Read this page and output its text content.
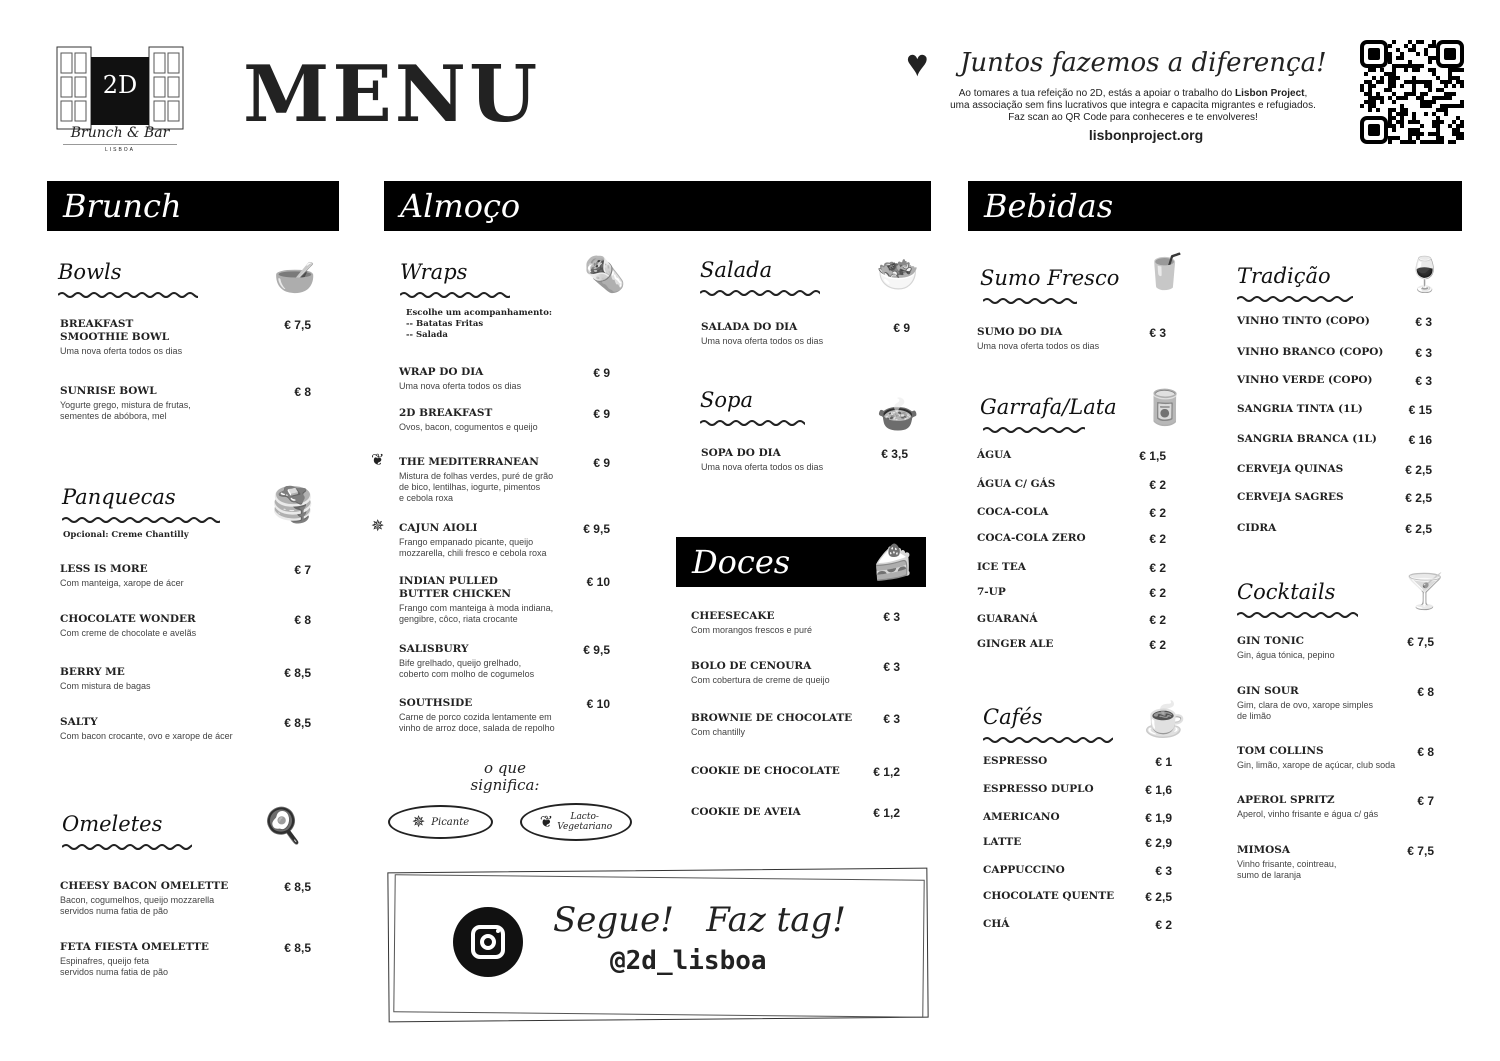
2D
Brunch & Bar
LISBOA
MENU	♥ Juntos fazemos a diferença!
Ao tomares a tua refeição no 2D, estás a apoiar o trabalho do Lisbon Project, uma associação sem fins lucrativos que integra e capacita migrantes e refugiados. Faz scan ao QR Code para conheceres e te envolveres!
lisbonproject.org
Brunch	Almoço	Bebidas
Doces
Bowls	🥣
BREAKFAST
SMOOTHIE BOWL
Uma nova oferta todos os dias
€ 7,5
SUNRISE BOWL
Yogurte grego, mistura de frutas,
sementes de abóbora, mel
€ 8
Panquecas	🥞
Opcional: Creme Chantilly
LESS IS MORE
Com manteiga, xarope de ácer
€ 7
CHOCOLATE WONDER
Com creme de chocolate e avelãs
€ 8
BERRY ME
Com mistura de bagas
€ 8,5
SALTY
Com bacon crocante, ovo e xarope de ácer
€ 8,5
Omeletes	🍳
CHEESY BACON OMELETTE
Bacon, cogumelhos, queijo mozzarella
servidos numa fatia de pão
€ 8,5
FETA FIESTA OMELETTE
Espinafres, queijo feta
servidos numa fatia de pão
€ 8,5
Wraps	🌯
Escolhe um acompanhamento:
-- Batatas Fritas
-- Salada
WRAP DO DIA
Uma nova oferta todos os dias
€ 9
2D BREAKFAST
Ovos, bacon, cogumentos e queijo
€ 9
THE MEDITERRANEAN
Mistura de folhas verdes, puré de grão
de bico, lentilhas, iogurte, pimentos
e cebola roxa
€ 9
❦
CAJUN AIOLI
Frango empanado picante, queijo
mozzarella, chili fresco e cebola roxa
€ 9,5
✵
INDIAN PULLED
BUTTER CHICKEN
Frango com manteiga à moda indiana,
gengibre, côco, riata crocante
€ 10
SALISBURY
Bife grelhado, queijo grelhado,
coberto com molho de cogumelos
€ 9,5
SOUTHSIDE
Carne de porco cozida lentamente em
vinho de arroz doce, salada de repolho
€ 10
Salada	🥗
SALADA DO DIA
Uma nova oferta todos os dias
€ 9
Sopa	🍲
SOPA DO DIA
Uma nova oferta todos os dias
€ 3,5
🍰
CHEESECAKE
Com morangos frescos e puré
€ 3
BOLO DE CENOURA
Com cobertura de creme de queijo
€ 3
BROWNIE DE CHOCOLATE
Com chantilly
€ 3
COOKIE DE CHOCOLATE	€ 1,2
COOKIE DE AVEIA	€ 1,2
Sumo Fresco 🥤
SUMO DO DIA
Uma nova oferta todos os dias
€ 3
Garrafa/Lata 🥫
ÁGUA	€ 1,5
ÁGUA C/ GÁS	€ 2
COCA-COLA	€ 2
COCA-COLA ZERO	€ 2
ICE TEA	€ 2
7-UP	€ 2
GUARANÁ	€ 2
GINGER ALE	€ 2
Cafés	☕
ESPRESSO	€ 1
ESPRESSO DUPLO	€ 1,6
AMERICANO	€ 1,9
LATTE	€ 2,9
CAPPUCCINO	€ 3
CHOCOLATE QUENTE	€ 2,5
CHÁ	€ 2
Tradição 🍷
VINHO TINTO (COPO)	€ 3
VINHO BRANCO (COPO)	€ 3
VINHO VERDE (COPO)	€ 3
SANGRIA TINTA (1L)	€ 15
SANGRIA BRANCA (1L)	€ 16
CERVEJA QUINAS	€ 2,5
CERVEJA SAGRES	€ 2,5
CIDRA	€ 2,5
Cocktails 🍸
GIN TONIC
Gin, água tónica, pepino
€ 7,5
GIN SOUR
Gim, clara de ovo, xarope simples
de limão
€ 8
TOM COLLINS
Gin, limão, xarope de açúcar, club soda
€ 8
APEROL SPRITZ
Aperol, vinho frisante e água c/ gás
€ 7
MIMOSA
Vinho frisante, cointreau,
sumo de laranja
€ 7,5
o que significa:
✵ Picante	❦	Lacto-Vegetariano
Segue!   Faz tag!
@2d_lisboa
